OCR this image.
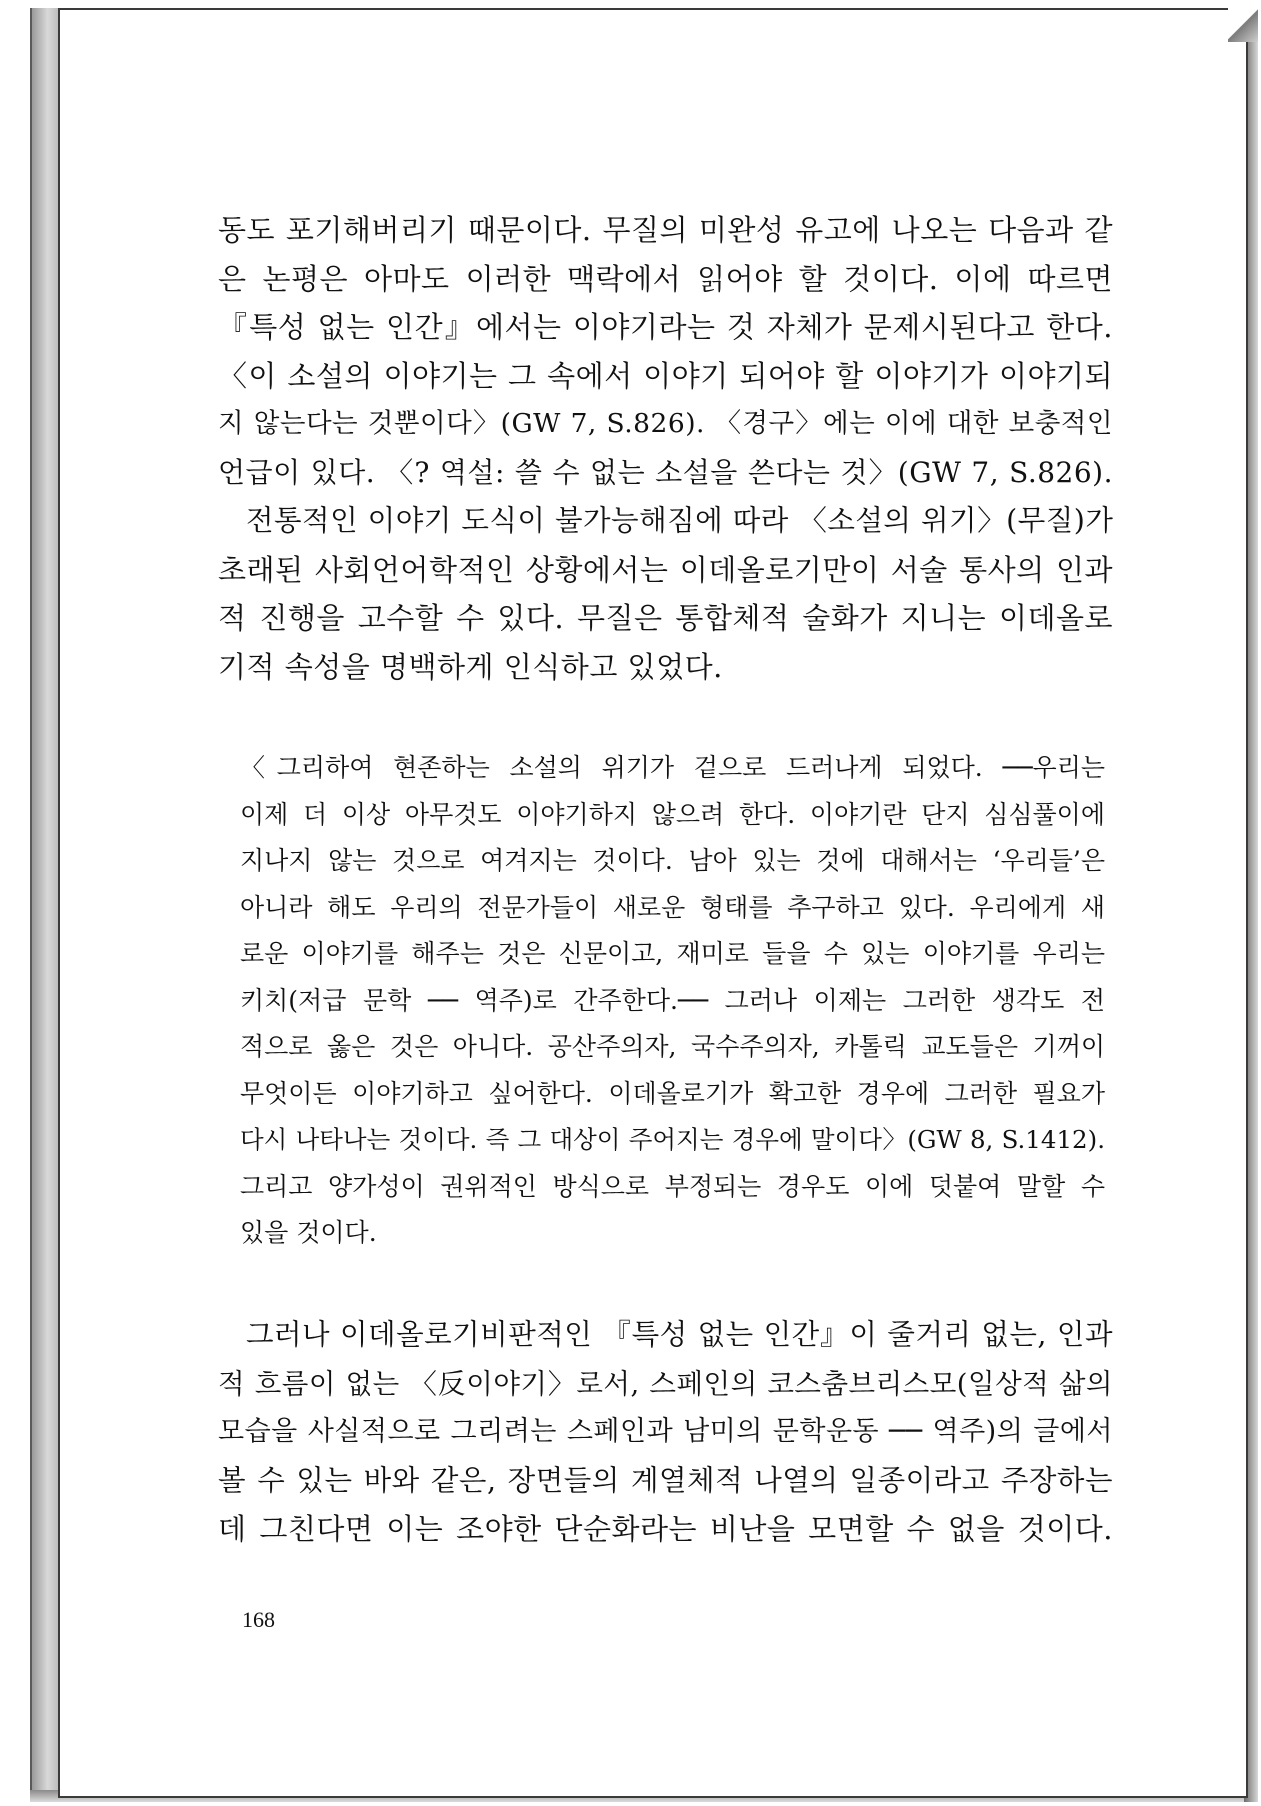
동도 포기해버리기 때문이다. 무질의 미완성 유고에 나오는 다음과 같
은 논평은 아마도 이러한 맥락에서 읽어야 할 것이다. 이에 따르면
『특성 없는 인간』에서는 이야기라는 것 자체가 문제시된다고 한다.
〈이 소설의 이야기는 그 속에서 이야기 되어야 할 이야기가 이야기되
지 않는다는 것뿐이다〉(GW 7, S.826). 〈경구〉에는 이에 대한 보충적인
언급이 있다. 〈? 역설: 쓸 수 없는 소설을 쓴다는 것〉(GW 7, S.826).
전통적인 이야기 도식이 불가능해짐에 따라 〈소설의 위기〉(무질)가
초래된 사회언어학적인 상황에서는 이데올로기만이 서술 통사의 인과
적 진행을 고수할 수 있다. 무질은 통합체적 술화가 지니는 이데올로
기적 속성을 명백하게 인식하고 있었다.
〈그리하여 현존하는 소설의 위기가 겉으로 드러나게 되었다. ──우리는
이제 더 이상 아무것도 이야기하지 않으려 한다. 이야기란 단지 심심풀이에
지나지 않는 것으로 여겨지는 것이다. 남아 있는 것에 대해서는 ‘우리들’은
아니라 해도 우리의 전문가들이 새로운 형태를 추구하고 있다. 우리에게 새
로운 이야기를 해주는 것은 신문이고, 재미로 들을 수 있는 이야기를 우리는
키치(저급 문학 ── 역주)로 간주한다.── 그러나 이제는 그러한 생각도 전
적으로 옳은 것은 아니다. 공산주의자, 국수주의자, 카톨릭 교도들은 기꺼이
무엇이든 이야기하고 싶어한다. 이데올로기가 확고한 경우에 그러한 필요가
다시 나타나는 것이다. 즉 그 대상이 주어지는 경우에 말이다〉(GW 8, S.1412).
그리고 양가성이 권위적인 방식으로 부정되는 경우도 이에 덧붙여 말할 수
있을 것이다.
그러나 이데올로기비판적인 『특성 없는 인간』이 줄거리 없는, 인과
적 흐름이 없는 〈反이야기〉로서, 스페인의 코스춤브리스모(일상적 삶의
모습을 사실적으로 그리려는 스페인과 남미의 문학운동 ── 역주)의 글에서
볼 수 있는 바와 같은, 장면들의 계열체적 나열의 일종이라고 주장하는
데 그친다면 이는 조야한 단순화라는 비난을 모면할 수 없을 것이다.
168
